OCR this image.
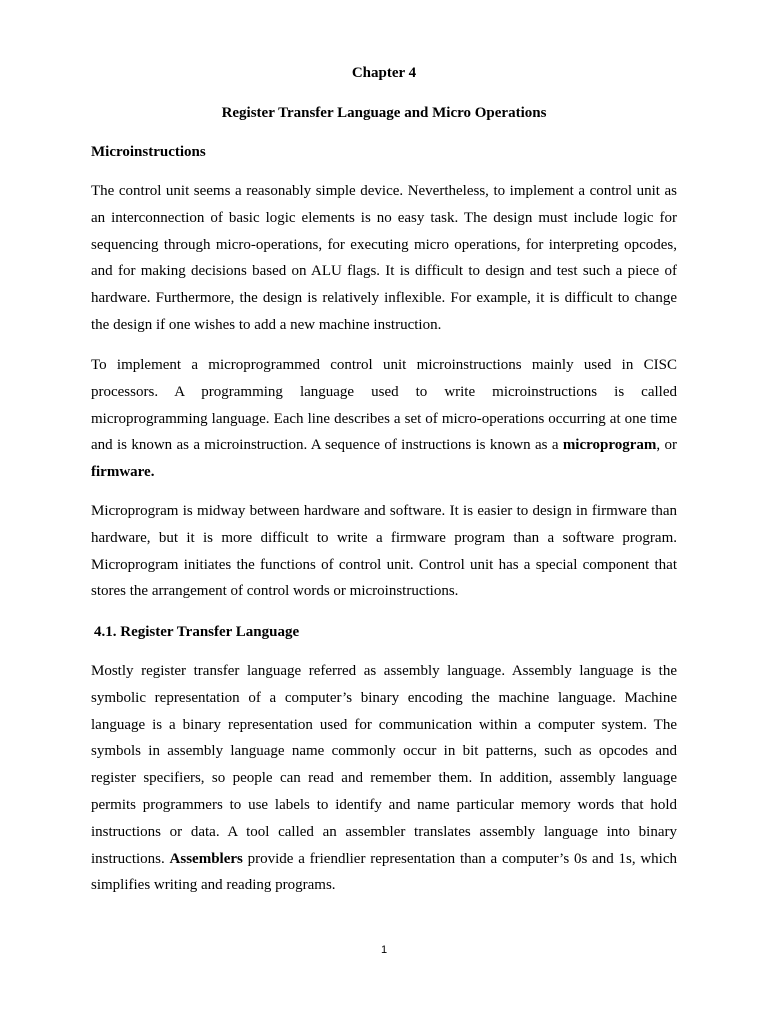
Chapter 4
Register Transfer Language and Micro Operations
Microinstructions

The control unit seems a reasonably simple device. Nevertheless, to implement a control unit as an interconnection of basic logic elements is no easy task. The design must include logic for sequencing through micro-operations, for executing micro operations, for interpreting opcodes, and for making decisions based on ALU flags. It is difficult to design and test such a piece of hardware. Furthermore, the design is relatively inflexible. For example, it is difficult to change the design if one wishes to add a new machine instruction.

To implement a microprogrammed control unit microinstructions mainly used in CISC processors. A programming language used to write microinstructions is called microprogramming language. Each line describes a set of micro-operations occurring at one time and is known as a microinstruction. A sequence of instructions is known as a microprogram, or firmware.

Microprogram is midway between hardware and software. It is easier to design in firmware than hardware, but it is more difficult to write a firmware program than a software program. Microprogram initiates the functions of control unit. Control unit has a special component that stores the arrangement of control words or microinstructions.

4.1. Register Transfer Language

Mostly register transfer language referred as assembly language. Assembly language is the symbolic representation of a computer’s binary encoding the machine language. Machine language is a binary representation used for communication within a computer system. The symbols in assembly language name commonly occur in bit patterns, such as opcodes and register specifiers, so people can read and remember them. In addition, assembly language permits programmers to use labels to identify and name particular memory words that hold instructions or data. A tool called an assembler translates assembly language into binary instructions. Assemblers provide a friendlier representation than a computer’s 0s and 1s, which simplifies writing and reading programs.

1
